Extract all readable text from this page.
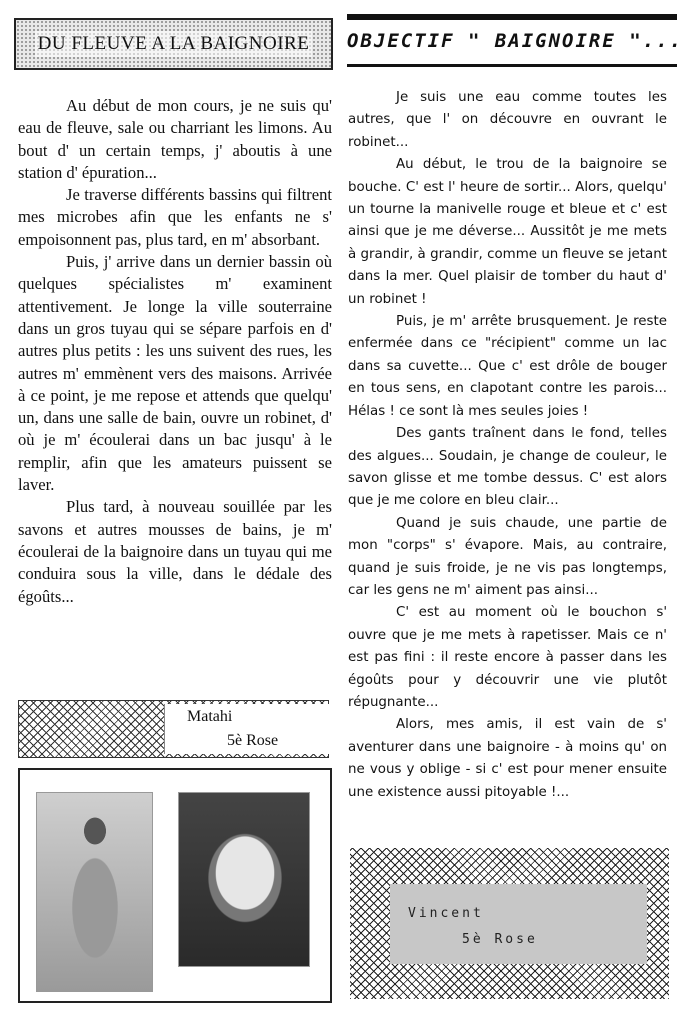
DU FLEUVE A LA BAIGNOIRE

Au début de mon cours, je ne suis qu' eau de fleuve, sale ou charriant les limons. Au bout d' un certain temps, j' aboutis à une station d' épuration...

Je traverse différents bassins qui filtrent mes microbes afin que les enfants ne s' empoisonnent pas, plus tard, en m' absorbant.

Puis, j' arrive dans un dernier bassin où quelques spécialistes m' examinent attentivement. Je longe la ville souterraine dans un gros tuyau qui se sépare parfois en d' autres plus petits : les uns suivent des rues, les autres m' emmènent vers des maisons. Arrivée à ce point, je me repose et attends que quelqu' un, dans une salle de bain, ouvre un robinet, d' où je m' écoulerai dans un bac jusqu' à le remplir, afin que les amateurs puissent se laver.

Plus tard, à nouveau souillée par les savons et autres mousses de bains, je m' écoulerai de la baignoire dans un tuyau qui me conduira sous la ville, dans le dédale des égoûts...

Matahi
5è Rose
OBJECTIF " BAIGNOIRE "...

Je suis une eau comme toutes les autres, que l' on découvre en ouvrant le robinet...

Au début, le trou de la baignoire se bouche. C' est l' heure de sortir... Alors, quelqu' un tourne la manivelle rouge et bleue et c' est ainsi que je me déverse... Aussitôt je me mets à grandir, à grandir, comme un fleuve se jetant dans la mer. Quel plaisir de tomber du haut d' un robinet !

Puis, je m' arrête brusquement. Je reste enfermée dans ce "récipient" comme un lac dans sa cuvette... Que c' est drôle de bouger en tous sens, en clapotant contre les parois... Hélas ! ce sont là mes seules joies !

Des gants traînent dans le fond, telles des algues... Soudain, je change de couleur, le savon glisse et me tombe dessus. C' est alors que je me colore en bleu clair...

Quand je suis chaude, une partie de mon "corps" s' évapore. Mais, au contraire, quand je suis froide, je ne vis pas longtemps, car les gens ne m' aiment pas ainsi...

C' est au moment où le bouchon s' ouvre que je me mets à rapetisser. Mais ce n' est pas fini : il reste encore à passer dans les égoûts pour y découvrir une vie plutôt répugnante...

Alors, mes amis, il est vain de s' aventurer dans une baignoire - à moins qu' on ne vous y oblige - si c' est pour mener ensuite une existence aussi pitoyable !...

Vincent
5è Rose
